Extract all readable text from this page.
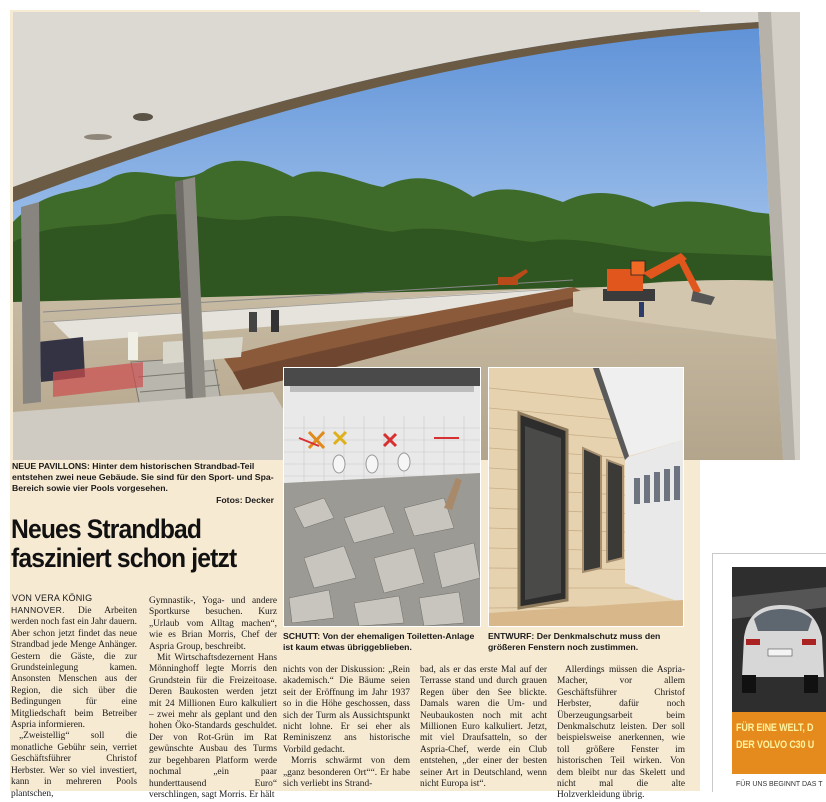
NEUE PAVILLONS: Hinter dem historischen Strandbad-Teil entstehen zwei neue Gebäude. Sie sind für den Sport- und Spa-Bereich sowie vier Pools vorgesehen.
Fotos: Decker
SCHUTT: Von der ehemaligen Toiletten-Anlage ist kaum etwas übriggeblieben.
ENTWURF: Der Denkmalschutz muss den größeren Fenstern noch zustimmen.
Neues Strandbad fasziniert schon jetzt
VON VERA KÖNIG

HANNOVER. Die Arbeiten werden noch fast ein Jahr dauern. Aber schon jetzt findet das neue Strandbad jede Menge Anhänger. Gestern die Gäste, die zur Grundsteinlegung kamen. Ansonsten Menschen aus der Region, die sich über die Bedingungen für eine Mitgliedschaft beim Betreiber Aspria informieren.

„Zweistellig“ soll die monatliche Gebühr sein, verriet Geschäftsführer Christof Herbster. Wer so viel investiert, kann in mehreren Pools plantschen,

Gymnastik-, Yoga- und andere Sportkurse besuchen. Kurz „Urlaub vom Alltag machen“, wie es Brian Morris, Chef der Aspria Group, beschreibt.

Mit Wirtschaftsdezernent Hans Mönninghoff legte Morris den Grundstein für die Freizeitoase. Deren Baukosten werden jetzt mit 24 Millionen Euro kalkuliert – zwei mehr als geplant und den hohen Öko-Standards geschuldet. Der von Rot-Grün im Rat gewünschte Ausbau des Turms zur begehbaren Platform werde nochmal „ein paar hunderttausend Euro“ verschlingen, sagt Morris. Er hält

nichts von der Diskussion: „Rein akademisch.“ Die Bäume seien seit der Eröffnung im Jahr 1937 so in die Höhe geschossen, dass sich der Turm als Aussichtspunkt nicht lohne. Er sei eher als Reminiszenz ans historische Vorbild gedacht.

Morris schwärmt von dem „ganz besonderen Ort““. Er habe sich verliebt ins Strand-

bad, als er das erste Mal auf der Terrasse stand und durch grauen Regen über den See blickte. Damals waren die Um- und Neubaukosten noch mit acht Millionen Euro kalkuliert. Jetzt, mit viel Draufsatteln, so der Aspria-Chef, werde ein Club entstehen, „der einer der besten seiner Art in Deutschland, wenn nicht Europa ist“.

Allerdings müssen die Aspria-Macher, vor allem Geschäftsführer Christof Herbster, dafür noch Überzeugungsarbeit beim Denkmalschutz leisten. Der soll beispielsweise anerkennen, wie toll größere Fenster im historischen Teil wirken. Von dem bleibt nur das Skelett und nicht mal die alte Holzverkleidung übrig.

FÜR EINE WELT, D
DER VOLVO C30 U
FÜR UNS BEGINNT DAS T
